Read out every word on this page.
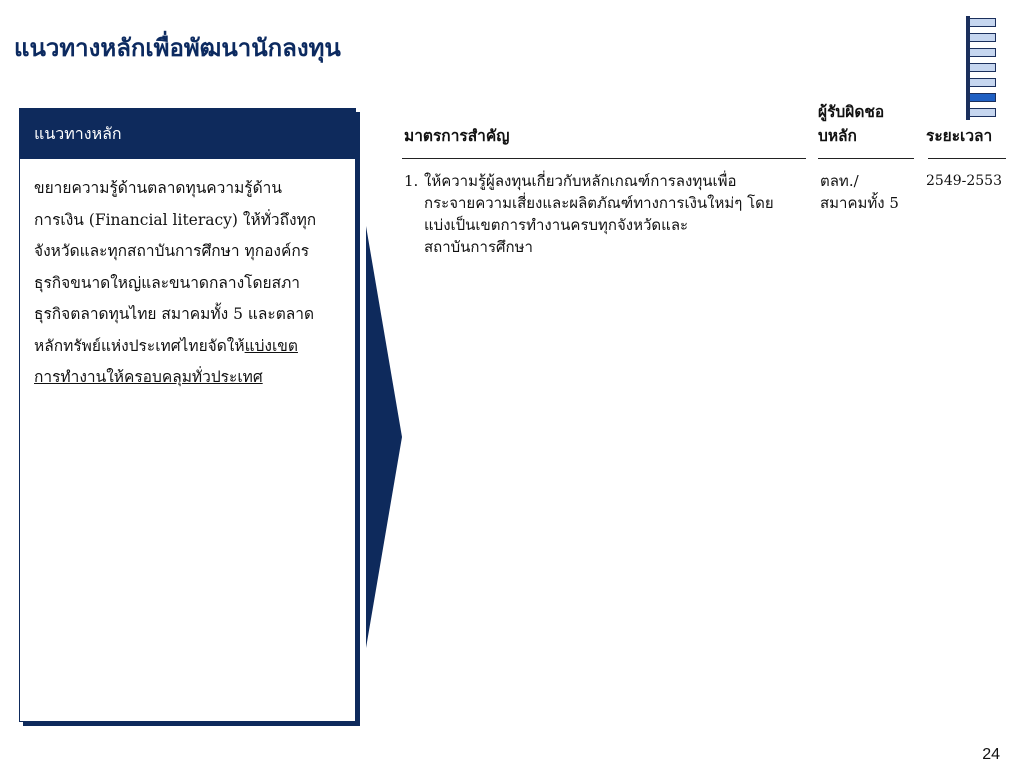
แนวทางหลักเพื่อพัฒนานักลงทุน
แนวทางหลัก
ขยายความรู้ด้านตลาดทุนความรู้ด้าน
การเงิน (Financial literacy) ให้ทั่วถึงทุก
จังหวัดและทุกสถาบันการศึกษา ทุกองค์กร
ธุรกิจขนาดใหญ่และขนาดกลางโดยสภา
ธุรกิจตลาดทุนไทย สมาคมทั้ง 5 และตลาด
หลักทรัพย์แห่งประเทศไทยจัดให้แบ่งเขต
การทำงานให้ครอบคลุมทั่วประเทศ
มาตรการสำคัญ
ผู้รับผิดชอ
บหลัก	ระยะเวลา
1. ให้ความรู้ผู้ลงทุนเกี่ยวกับหลักเกณฑ์การลงทุนเพื่อ
กระจายความเสี่ยงและผลิตภัณฑ์ทางการเงินใหม่ๆ โดย
แบ่งเป็นเขตการทำงานครบทุกจังหวัดและ
สถาบันการศึกษา
ตลท./
สมาคมทั้ง 5
2549-2553
24
